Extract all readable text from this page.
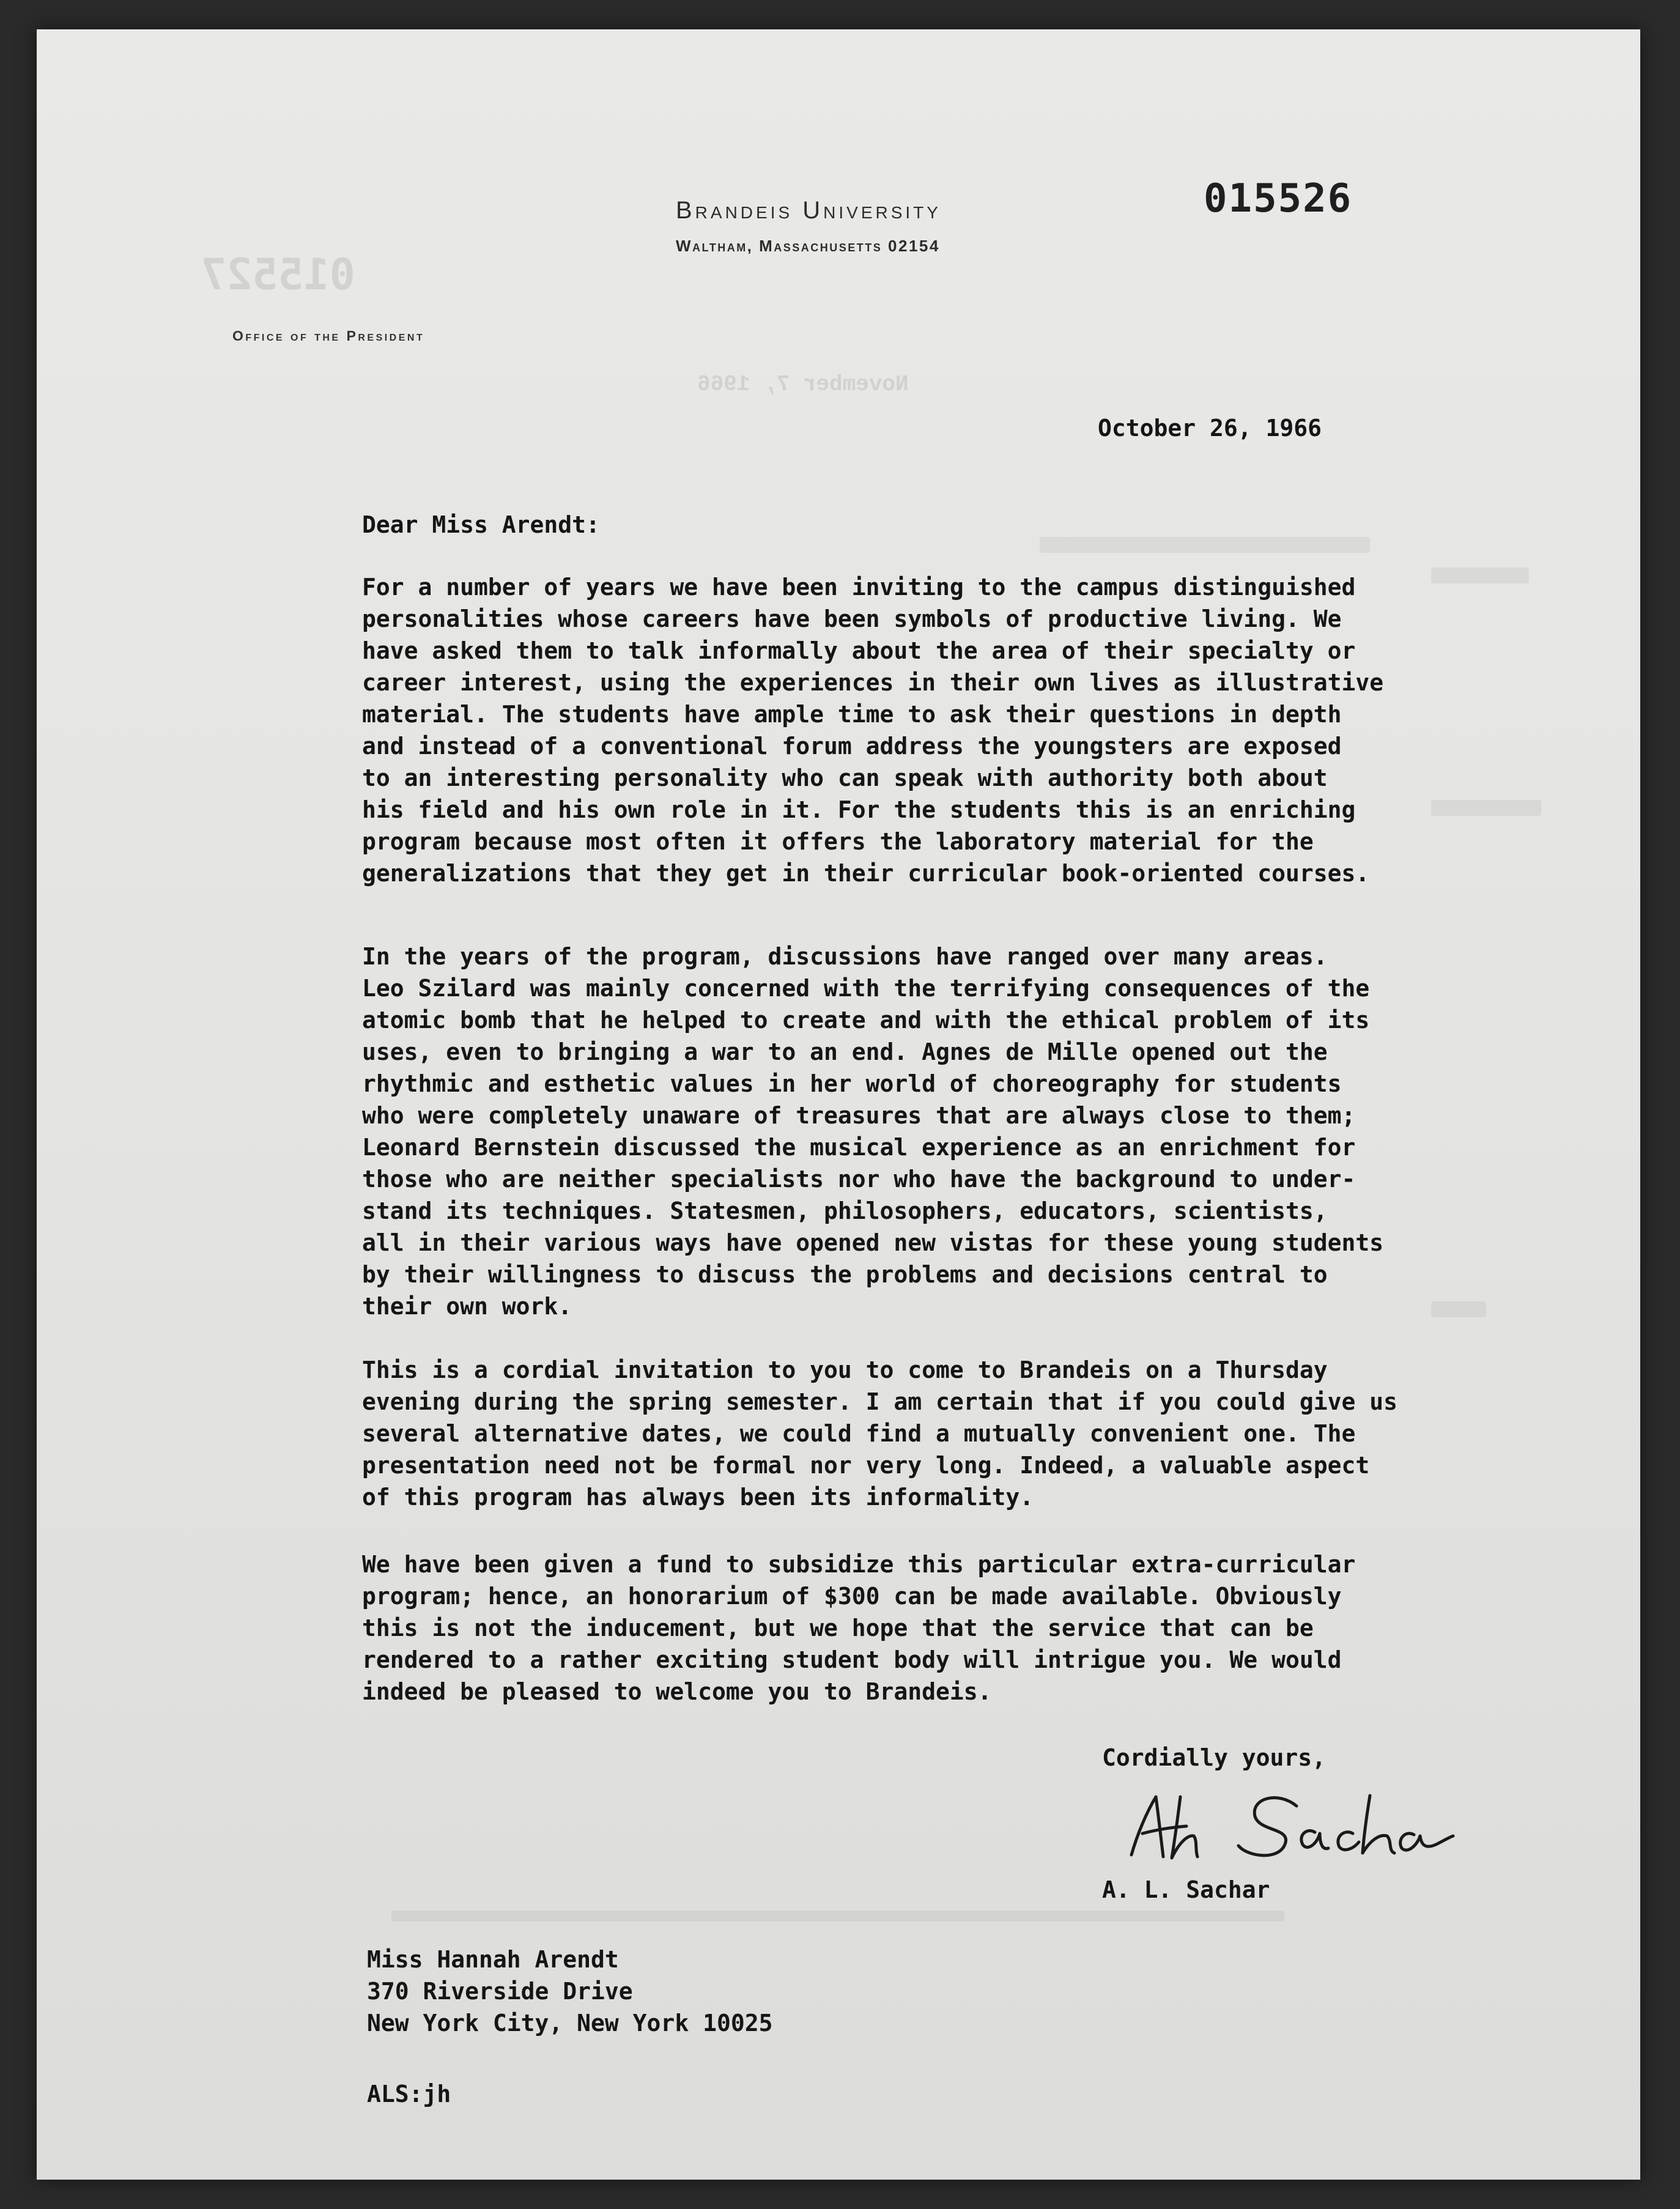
015527
November 7, 1966
Brandeis University
Waltham, Massachusetts 02154
015526
Office of the President
October 26, 1966
Dear Miss Arendt:
For a number of years we have been inviting to the campus distinguished
personalities whose careers have been symbols of productive living. We
have asked them to talk informally about the area of their specialty or
career interest, using the experiences in their own lives as illustrative
material. The students have ample time to ask their questions in depth
and instead of a conventional forum address the youngsters are exposed
to an interesting personality who can speak with authority both about
his field and his own role in it. For the students this is an enriching
program because most often it offers the laboratory material for the
generalizations that they get in their curricular book-oriented courses.
In the years of the program, discussions have ranged over many areas.
Leo Szilard was mainly concerned with the terrifying consequences of the
atomic bomb that he helped to create and with the ethical problem of its
uses, even to bringing a war to an end. Agnes de Mille opened out the
rhythmic and esthetic values in her world of choreography for students
who were completely unaware of treasures that are always close to them;
Leonard Bernstein discussed the musical experience as an enrichment for
those who are neither specialists nor who have the background to under-
stand its techniques. Statesmen, philosophers, educators, scientists,
all in their various ways have opened new vistas for these young students
by their willingness to discuss the problems and decisions central to
their own work.
This is a cordial invitation to you to come to Brandeis on a Thursday
evening during the spring semester. I am certain that if you could give us
several alternative dates, we could find a mutually convenient one. The
presentation need not be formal nor very long. Indeed, a valuable aspect
of this program has always been its informality.
We have been given a fund to subsidize this particular extra-curricular
program; hence, an honorarium of $300 can be made available. Obviously
this is not the inducement, but we hope that the service that can be
rendered to a rather exciting student body will intrigue you. We would
indeed be pleased to welcome you to Brandeis.
Cordially yours,
A. L. Sachar
Miss Hannah Arendt
370 Riverside Drive
New York City, New York 10025
ALS:jh
